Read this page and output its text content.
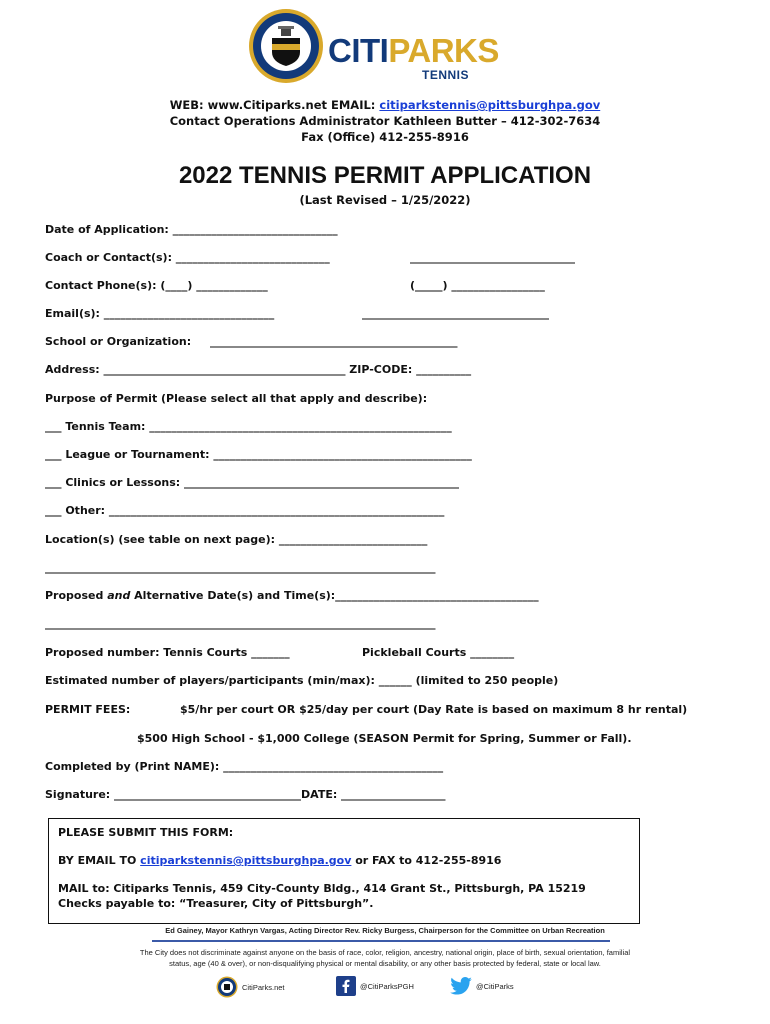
CITIPARKS
TENNIS
WEB: www.Citiparks.net EMAIL: citiparkstennis@pittsburghpa.gov
Contact Operations Administrator Kathleen Butter – 412-302-7634
Fax (Office) 412-255-8916
2022 TENNIS PERMIT APPLICATION
(Last Revised – 1/25/2022)
Date of Application: ______________________________
Coach or Contact(s): ____________________________	______________________________
Contact Phone(s): (____) _____________	(_____) _________________
Email(s): _______________________________	__________________________________
School or Organization: _____________________________________________
Address: ____________________________________________ ZIP-CODE: __________
Purpose of Permit (Please select all that apply and describe):
___ Tennis Team: _______________________________________________________
___ League or Tournament: _______________________________________________
___ Clinics or Lessons: __________________________________________________
___ Other: _____________________________________________________________
Location(s) (see table on next page): ___________________________
_______________________________________________________________________
Proposed and Alternative Date(s) and Time(s):_____________________________________
_______________________________________________________________________
Proposed number: Tennis Courts _______	Pickleball Courts ________
Estimated number of players/participants (min/max): ______ (limited to 250 people)
PERMIT FEES:	$5/hr per court OR $25/day per court (Day Rate is based on maximum 8 hr rental)
$500 High School - $1,000 College (SEASON Permit for Spring, Summer or Fall).
Completed by (Print NAME): ________________________________________
Signature: __________________________________DATE: ___________________
PLEASE SUBMIT THIS FORM:
BY EMAIL TO citiparkstennis@pittsburghpa.gov or FAX to 412-255-8916
MAIL to: Citiparks Tennis, 459 City-County Bldg., 414 Grant St., Pittsburgh, PA 15219
Checks payable to: “Treasurer, City of Pittsburgh”.
Ed Gainey, Mayor Kathryn Vargas, Acting Director Rev. Ricky Burgess, Chairperson for the Committee on Urban Recreation
The City does not discriminate against anyone on the basis of race, color, religion, ancestry, national origin, place of birth, sexual orientation, familial
status, age (40 & over), or non-disqualifying physical or mental disability, or any other basis protected by federal, state or local law.
CitiParks.net	@CitiParksPGH	@CitiParks
